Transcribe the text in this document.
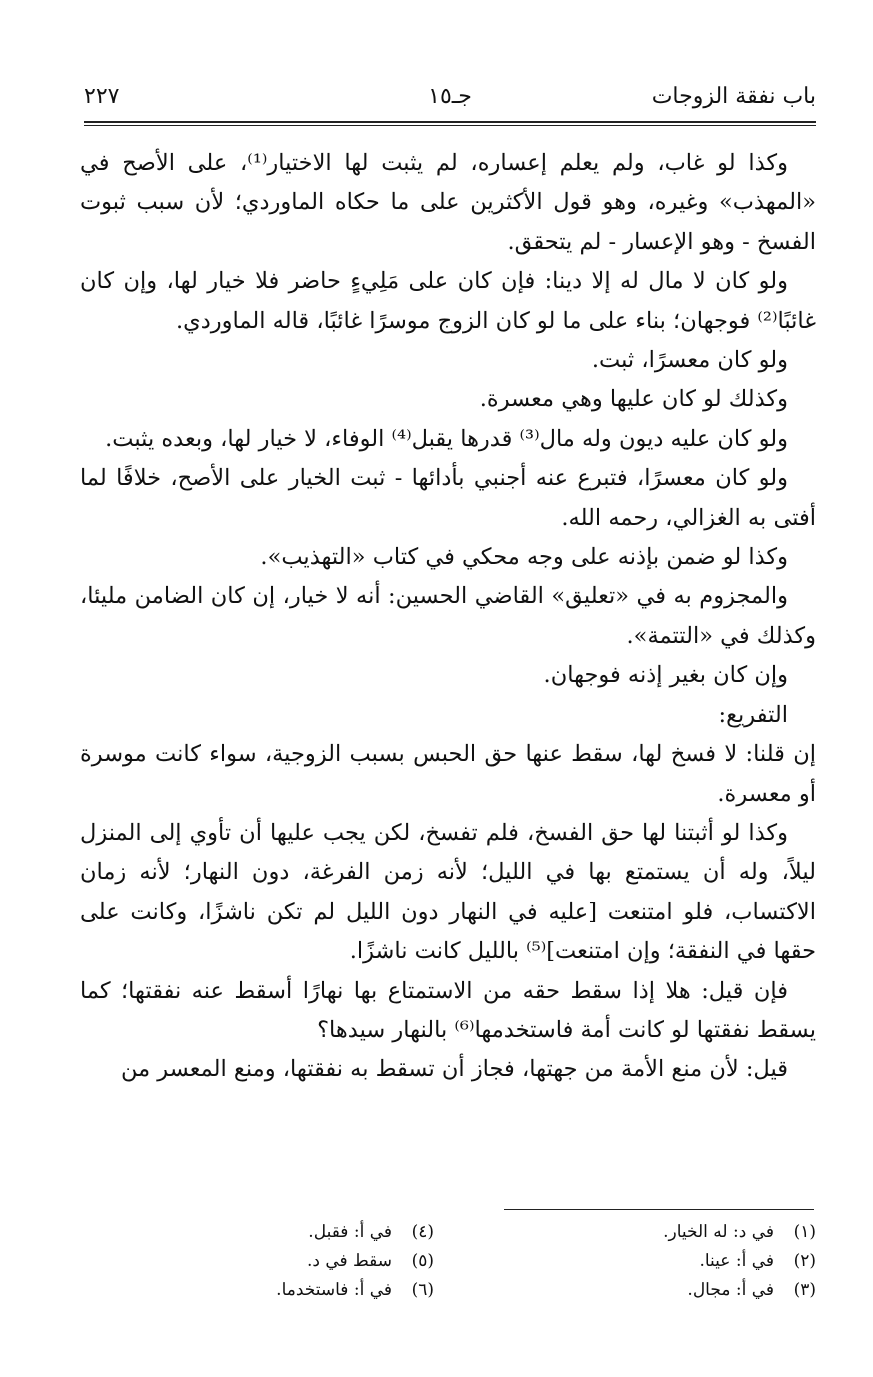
باب نفقة الزوجات
جـ١٥
٢٢٧

وكذا لو غاب، ولم يعلم إعساره، لم يثبت لها الاختيار⁽¹⁾، على الأصح في «المهذب» وغيره، وهو قول الأكثرين على ما حكاه الماوردي؛ لأن سبب ثبوت الفسخ - وهو الإعسار - لم يتحقق.

ولو كان لا مال له إلا دينا: فإن كان على مَلِيءٍ حاضر فلا خيار لها، وإن كان غائبًا⁽²⁾ فوجهان؛ بناء على ما لو كان الزوج موسرًا غائبًا، قاله الماوردي.

ولو كان معسرًا، ثبت.

وكذلك لو كان عليها وهي معسرة.

ولو كان عليه ديون وله مال⁽³⁾ قدرها يقبل⁽⁴⁾ الوفاء، لا خيار لها، وبعده يثبت.

ولو كان معسرًا، فتبرع عنه أجنبي بأدائها - ثبت الخيار على الأصح، خلافًا لما أفتى به الغزالي، رحمه الله.

وكذا لو ضمن بإذنه على وجه محكي في كتاب «التهذيب».

والمجزوم به في «تعليق» القاضي الحسين: أنه لا خيار، إن كان الضامن مليئا، وكذلك في «التتمة».

وإن كان بغير إذنه فوجهان.

التفريع:

إن قلنا: لا فسخ لها، سقط عنها حق الحبس بسبب الزوجية، سواء كانت موسرة أو معسرة.

وكذا لو أثبتنا لها حق الفسخ، فلم تفسخ، لكن يجب عليها أن تأوي إلى المنزل ليلاً، وله أن يستمتع بها في الليل؛ لأنه زمن الفرغة، دون النهار؛ لأنه زمان الاكتساب، فلو امتنعت [عليه في النهار دون الليل لم تكن ناشزًا، وكانت على حقها في النفقة؛ وإن امتنعت]⁽⁵⁾ بالليل كانت ناشزًا.

فإن قيل: هلا إذا سقط حقه من الاستمتاع بها نهارًا أسقط عنه نفقتها؛ كما يسقط نفقتها لو كانت أمة فاستخدمها⁽⁶⁾ بالنهار سيدها؟

قيل: لأن منع الأمة من جهتها، فجاز أن تسقط به نفقتها، ومنع المعسر من

(١)في د: له الخيار.
(٢)في أ: عينا.
(٣)في أ: مجال.
(٤)في أ: فقبل.
(٥)سقط في د.
(٦)في أ: فاستخدما.
